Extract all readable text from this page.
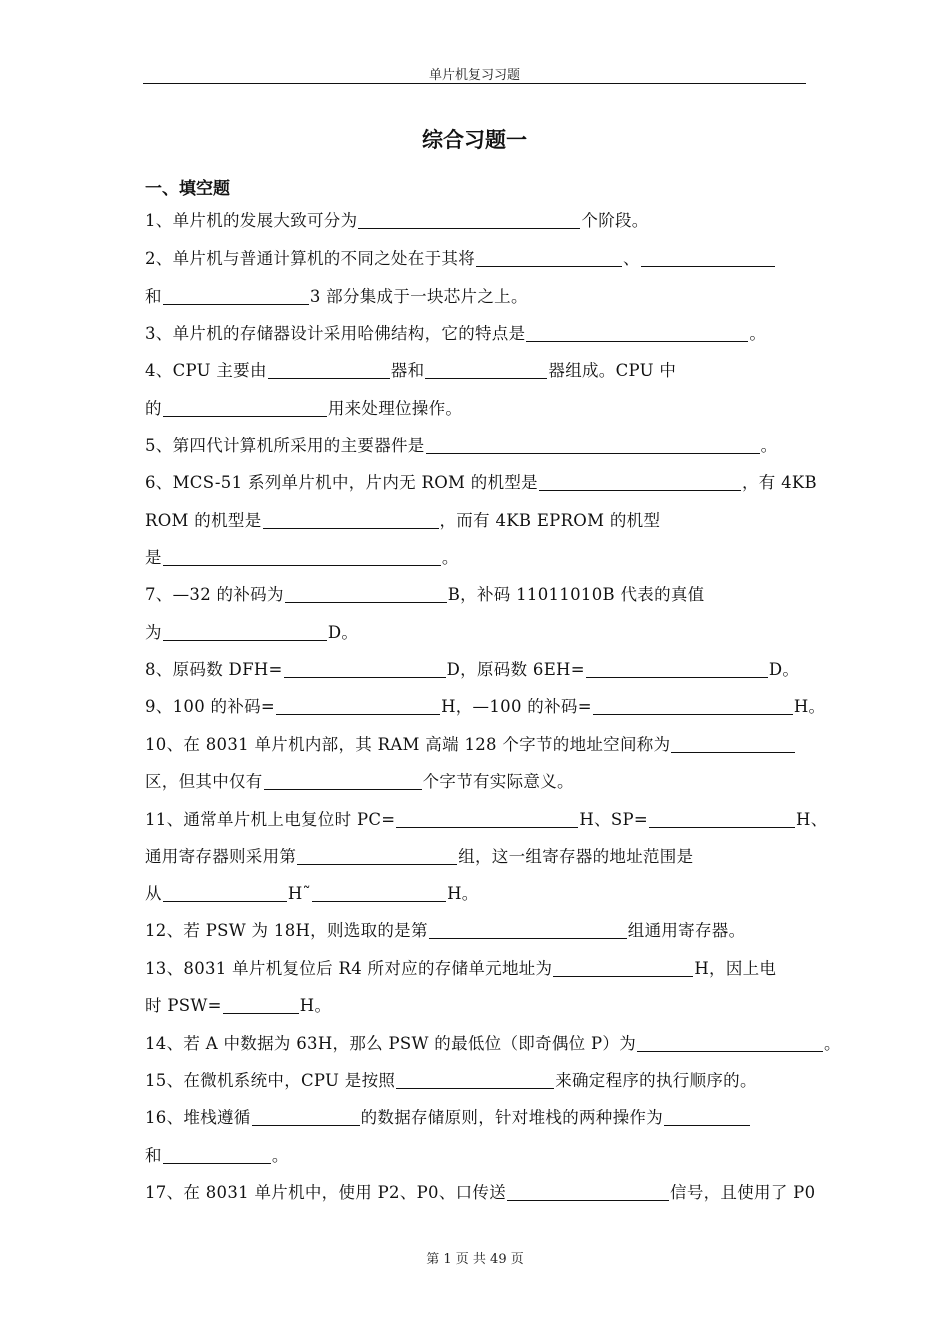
单片机复习习题
综合习题一
一、填空题
1、单片机的发展大致可分为	个阶段。
2、单片机与普通计算机的不同之处在于其将	、
和	3 部分集成于一块芯片之上。
3、单片机的存储器设计采用哈佛结构，它的特点是	。
4、CPU 主要由	器和	器组成。CPU 中
的	用来处理位操作。
5、第四代计算机所采用的主要器件是	。
6、MCS-51 系列单片机中，片内无 ROM 的机型是	，有 4KB
ROM 的机型是	，而有 4KB EPROM 的机型
是	。
7、—32 的补码为	B，补码 11011010B 代表的真值
为	D。
8、原码数 DFH=	D，原码数 6EH=	D。
9、100 的补码=	H，—100 的补码=	H。
10、在 8031 单片机内部，其 RAM 高端 128 个字节的地址空间称为
区，但其中仅有	个字节有实际意义。
11、通常单片机上电复位时 PC=	H、SP=	H、
通用寄存器则采用第	组，这一组寄存器的地址范围是
从	H˜	H。
12、若 PSW 为 18H，则选取的是第	组通用寄存器。
13、8031 单片机复位后 R4 所对应的存储单元地址为	H，因上电
时 PSW=	H。
14、若 A 中数据为 63H，那么 PSW 的最低位（即奇偶位 P）为	。
15、在微机系统中，CPU 是按照	来确定程序的执行顺序的。
16、堆栈遵循	的数据存储原则，针对堆栈的两种操作为
和	。
17、在 8031 单片机中，使用 P2、P0、口传送	信号，且使用了 P0
第 1 页 共 49 页
